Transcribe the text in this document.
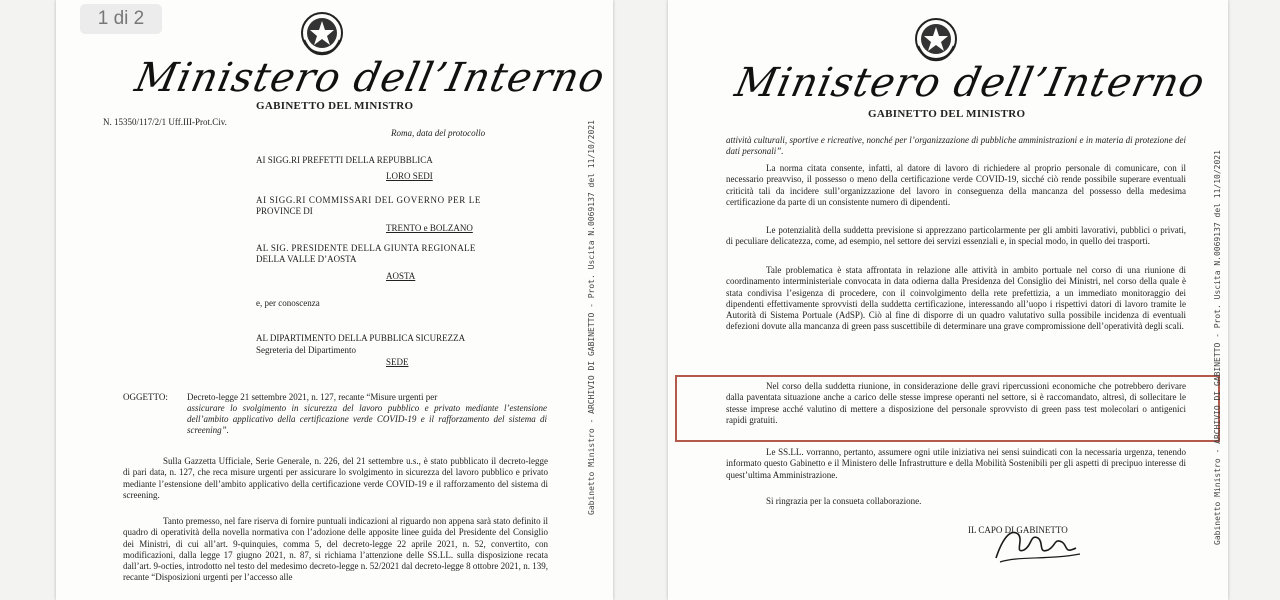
1 di 2
Ministero dell’Interno
GABINETTO DEL MINISTRO
N. 15350/117/2/1 Uff.III-Prot.Civ.
Roma, data del protocollo
AI SIGG.RI PREFETTI DELLA REPUBBLICA
LORO SEDI
AI SIGG.RI COMMISSARI DEL GOVERNO PER LE
PROVINCE DI
TRENTO e BOLZANO
AL SIG. PRESIDENTE DELLA GIUNTA REGIONALE
DELLA VALLE D’AOSTA
AOSTA
e, per conoscenza
AL DIPARTIMENTO DELLA PUBBLICA SICUREZZA
Segreteria del Dipartimento
SEDE
OGGETTO: Decreto-legge 21 settembre 2021, n. 127, recante “Misure urgenti per
assicurare lo svolgimento in sicurezza del lavoro pubblico e privato mediante l’estensione dell’ambito applicativo della certificazione verde COVID-19 e il rafforzamento del sistema di screening”.
Sulla Gazzetta Ufficiale, Serie Generale, n. 226, del 21 settembre u.s., è stato pubblicato il decreto-legge di pari data, n. 127, che reca misure urgenti per assicurare lo svolgimento in sicurezza del lavoro pubblico e privato mediante l’estensione dell’ambito applicativo della certificazione verde COVID-19 e il rafforzamento del sistema di screening.
Tanto premesso, nel fare riserva di fornire puntuali indicazioni al riguardo non appena sarà stato definito il quadro di operatività della novella normativa con l’adozione delle apposite linee guida del Presidente del Consiglio dei Ministri, di cui all’art. 9-quinquies, comma 5, del decreto-legge 22 aprile 2021, n. 52, convertito, con modificazioni, dalla legge 17 giugno 2021, n. 87, si richiama l’attenzione delle SS.LL. sulla disposizione recata dall’art. 9-octies, introdotto nel testo del medesimo decreto-legge n. 52/2021 dal decreto-legge 8 ottobre 2021, n. 139, recante “Disposizioni urgenti per l’accesso alle
Gabinetto Ministro - ARCHIVIO DI GABINETTO - Prot. Uscita N.0069137 del 11/10/2021
Ministero dell’Interno
GABINETTO DEL MINISTRO
attività culturali, sportive e ricreative, nonché per l’organizzazione di pubbliche amministrazioni e in materia di protezione dei dati personali”.
La norma citata consente, infatti, al datore di lavoro di richiedere al proprio personale di comunicare, con il necessario preavviso, il possesso o meno della certificazione verde COVID-19, sicché ciò rende possibile superare eventuali criticità tali da incidere sull’organizzazione del lavoro in conseguenza della mancanza del possesso della medesima certificazione da parte di un consistente numero di dipendenti.
Le potenzialità della suddetta previsione si apprezzano particolarmente per gli ambiti lavorativi, pubblici o privati, di peculiare delicatezza, come, ad esempio, nel settore dei servizi essenziali e, in special modo, in quello dei trasporti.
Tale problematica è stata affrontata in relazione alle attività in ambito portuale nel corso di una riunione di coordinamento interministeriale convocata in data odierna dalla Presidenza del Consiglio dei Ministri, nel corso della quale è stata condivisa l’esigenza di procedere, con il coinvolgimento della rete prefettizia, a un immediato monitoraggio dei dipendenti effettivamente sprovvisti della suddetta certificazione, interessando all’uopo i rispettivi datori di lavoro tramite le Autorità di Sistema Portuale (AdSP). Ciò al fine di disporre di un quadro valutativo sulla possibile incidenza di eventuali defezioni dovute alla mancanza di green pass suscettibile di determinare una grave compromissione dell’operatività degli scali.
Nel corso della suddetta riunione, in considerazione delle gravi ripercussioni economiche che potrebbero derivare dalla paventata situazione anche a carico delle stesse imprese operanti nel settore, si è raccomandato, altresì, di sollecitare le stesse imprese acché valutino di mettere a disposizione del personale sprovvisto di green pass test molecolari o antigenici rapidi gratuiti.
Le SS.LL. vorranno, pertanto, assumere ogni utile iniziativa nei sensi suindicati con la necessaria urgenza, tenendo informato questo Gabinetto e il Ministero delle Infrastrutture e della Mobilità Sostenibili per gli aspetti di precipuo interesse di quest’ultima Amministrazione.
Si ringrazia per la consueta collaborazione.
IL CAPO DI GABINETTO	Gabinetto Ministro - ARCHIVIO DI GABINETTO - Prot. Uscita N.0069137 del 11/10/2021
